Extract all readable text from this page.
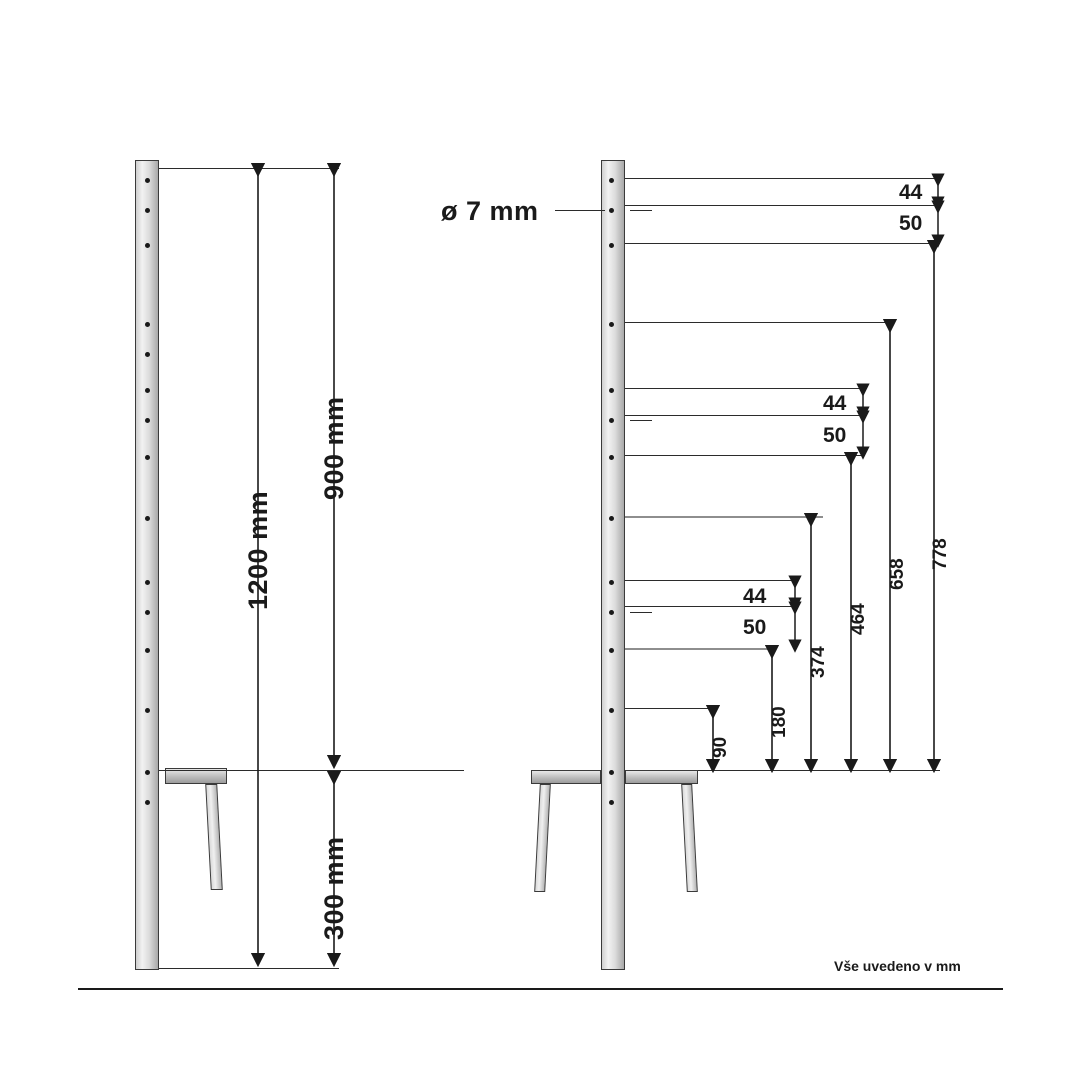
1200 mm
900 mm
300 mm
ø 7 mm
44
50
44
50
44
50
90
180
374
464
658
778
Vše uvedeno v mm
